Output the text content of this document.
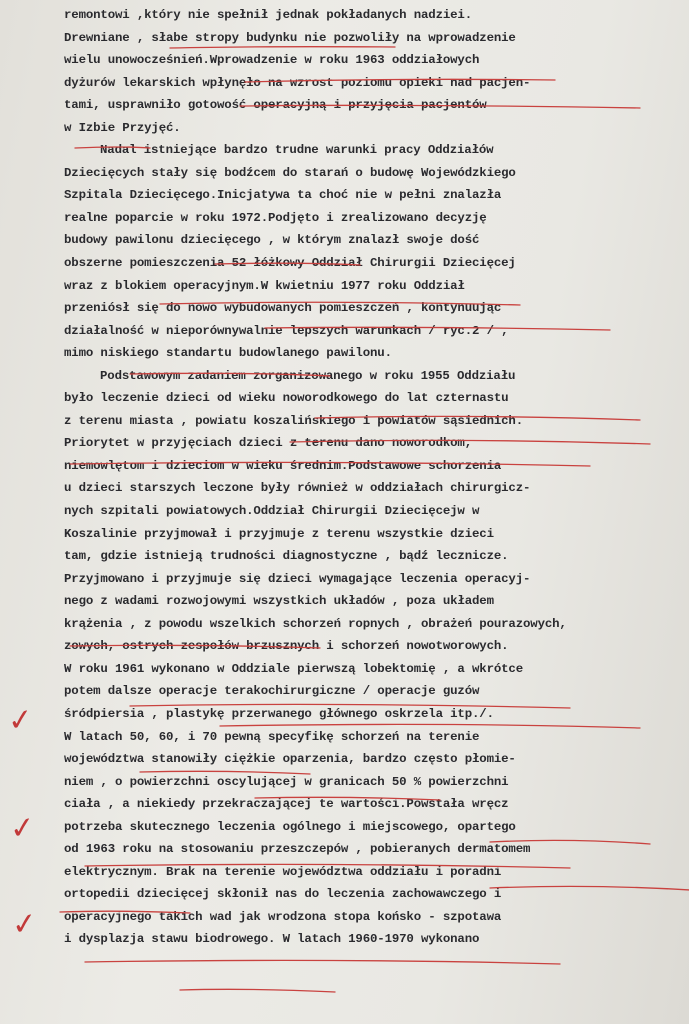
remontowi ,który nie spełnił jednak pokładanych nadziei.
Drewniane , słabe stropy budynku nie pozwoliły na wprowadzenie
wielu unowocześnień.Wprowadzenie w roku 1963 oddziałowych
dyżurów lekarskich wpłynęło na wzrost poziomu opieki nad pacjen-
tami, usprawniło gotowość operacyjną i przyjęcia pacjentów
w Izbie Przyjęć.
Nadal istniejące bardzo trudne warunki pracy Oddziałów
Dziecięcych stały się bodźcem do starań o budowę Wojewódzkiego
Szpitala Dziecięcego.Inicjatywa ta choć nie w pełni znalazła
realne poparcie w roku 1972.Podjęto i zrealizowano decyzję
budowy pawilonu dziecięcego , w którym znalazł swoje dość
obszerne pomieszczenia 52 łóżkowy Oddział Chirurgii Dziecięcej
wraz z blokiem operacyjnym.W kwietniu 1977 roku Oddział
przeniósł się do nowo wybudowanych pomieszczeń , kontynuując
działalność w nieporównywalnie lepszych warunkach / ryc.2 / ,
mimo niskiego standartu budowlanego pawilonu.
Podstawowym zadaniem zorganizowanego w roku 1955 Oddziału
było leczenie dzieci od wieku noworodkowego do lat czternastu
z terenu miasta , powiatu koszalińskiego i powiatów sąsiednich.
Priorytet w przyjęciach dzieci z terenu dano noworodkom,
niemowlętom i dzieciom w wieku średnim.Podstawowe schorzenia
u dzieci starszych leczone były również w oddziałach chirurgicz-
nych szpitali powiatowych.Oddział Chirurgii Dziecięcejw w
Koszalinie przyjmował i przyjmuje z terenu wszystkie dzieci
tam, gdzie istnieją trudności diagnostyczne , bądź lecznicze.
Przyjmowano i przyjmuje się dzieci wymagające leczenia operacyj-
nego z wadami rozwojowymi wszystkich układów , poza układem
krążenia , z powodu wszelkich schorzeń ropnych , obrażeń pourazowych,
zowych, ostrych zespołów brzusznych i schorzeń nowotworowych.
W roku 1961 wykonano w Oddziale pierwszą lobektomię , a wkrótce
potem dalsze operacje terakochirurgiczne / operacje guzów
śródpiersia , plastykę przerwanego głównego oskrzela itp./.
W latach 50, 60, i 70 pewną specyfikę schorzeń na terenie
województwa stanowiły ciężkie oparzenia, bardzo często płomie-
niem , o powierzchni oscylującej w granicach 50 % powierzchni
ciała , a niekiedy przekraczającej te wartości.Powstała wręcz
potrzeba skutecznego leczenia ogólnego i miejscowego, opartego
od 1963 roku na stosowaniu przeszczepów , pobieranych dermatomem
elektrycznym. Brak na terenie województwa oddziału i poradni
ortopedii dziecięcej skłonił nas do leczenia zachowawczego i
operacyjnego takich wad jak wrodzona stopa końsko - szpotawa
i dysplazja stawu biodrowego. W latach 1960-1970 wykonano
✓
✓
✓
